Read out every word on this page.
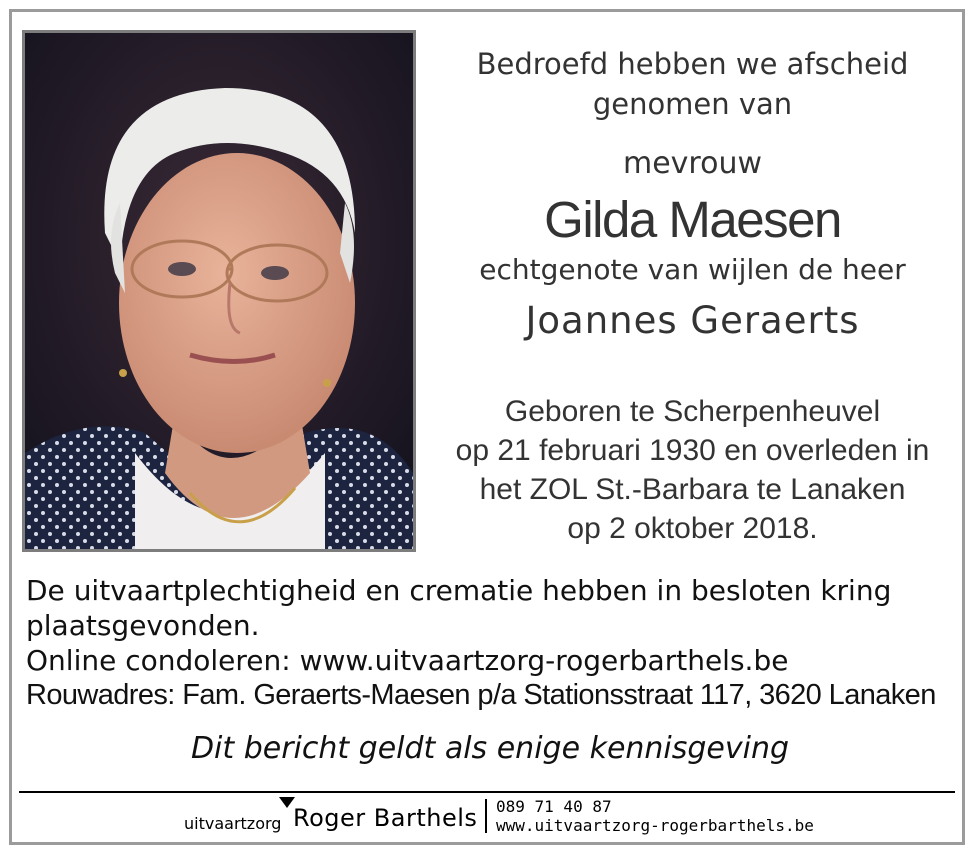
Bedroefd hebben we afscheid
genomen van
mevrouw
Gilda Maesen
echtgenote van wijlen de heer
Joannes Geraerts
Geboren te Scherpenheuvel
op 21 februari 1930 en overleden in
het ZOL St.-Barbara te Lanaken
op 2 oktober 2018.

De uitvaartplechtigheid en crematie hebben in besloten kring

plaatsgevonden.

Online condoleren: www.uitvaartzorg-rogerbarthels.be

Rouwadres: Fam. Geraerts-Maesen p/a Stationsstraat 117, 3620 Lanaken

Dit bericht geldt als enige kennisgeving
uitvaartzorg Roger Barthels 089 71 40 87
www.uitvaartzorg-rogerbarthels.be
